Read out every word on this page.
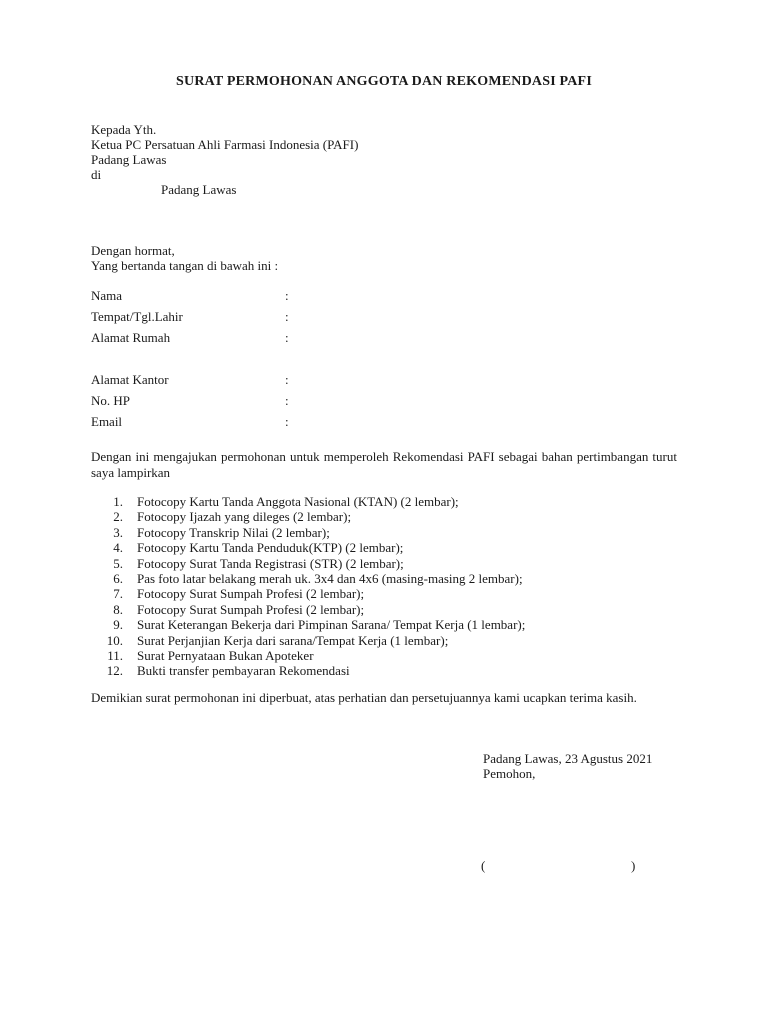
SURAT PERMOHONAN ANGGOTA DAN REKOMENDASI PAFI
Kepada Yth.
Ketua PC Persatuan Ahli Farmasi Indonesia (PAFI)
Padang Lawas
di
Padang Lawas
Dengan hormat,
Yang bertanda tangan di bawah ini :
Nama	:
Tempat/Tgl.Lahir	:
Alamat Rumah	:
Alamat Kantor	:
No. HP	:
Email	:
Dengan ini mengajukan permohonan untuk memperoleh Rekomendasi PAFI sebagai bahan pertimbangan turut saya lampirkan
1. Fotocopy Kartu Tanda Anggota Nasional (KTAN) (2 lembar);
2. Fotocopy Ijazah yang dileges (2 lembar);
3. Fotocopy Transkrip Nilai (2 lembar);
4. Fotocopy Kartu Tanda Penduduk(KTP) (2 lembar);
5. Fotocopy Surat Tanda Registrasi (STR) (2 lembar);
6. Pas foto latar belakang merah uk. 3x4 dan 4x6 (masing-masing 2 lembar);
7. Fotocopy Surat Sumpah Profesi (2 lembar);
8. Fotocopy Surat Sumpah Profesi (2 lembar);
9. Surat Keterangan Bekerja dari Pimpinan Sarana/ Tempat Kerja (1 lembar);
10. Surat Perjanjian Kerja dari sarana/Tempat Kerja (1 lembar);
11. Surat Pernyataan Bukan Apoteker
12. Bukti transfer pembayaran Rekomendasi
Demikian surat permohonan ini diperbuat, atas perhatian dan persetujuannya kami ucapkan terima kasih.
Padang Lawas, 23 Agustus 2021
Pemohon,
(	)
